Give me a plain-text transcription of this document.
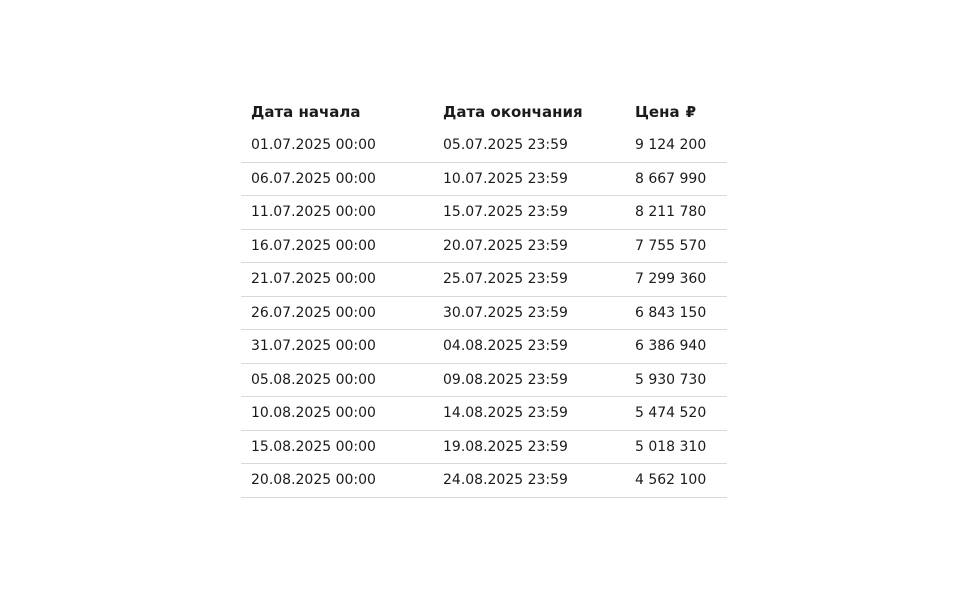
Дата начала	Дата окончания	Цена ₽
01.07.2025 00:00	05.07.2025 23:59	9 124 200
06.07.2025 00:00	10.07.2025 23:59	8 667 990
11.07.2025 00:00	15.07.2025 23:59	8 211 780
16.07.2025 00:00	20.07.2025 23:59	7 755 570
21.07.2025 00:00	25.07.2025 23:59	7 299 360
26.07.2025 00:00	30.07.2025 23:59	6 843 150
31.07.2025 00:00	04.08.2025 23:59	6 386 940
05.08.2025 00:00	09.08.2025 23:59	5 930 730
10.08.2025 00:00	14.08.2025 23:59	5 474 520
15.08.2025 00:00	19.08.2025 23:59	5 018 310
20.08.2025 00:00	24.08.2025 23:59	4 562 100
